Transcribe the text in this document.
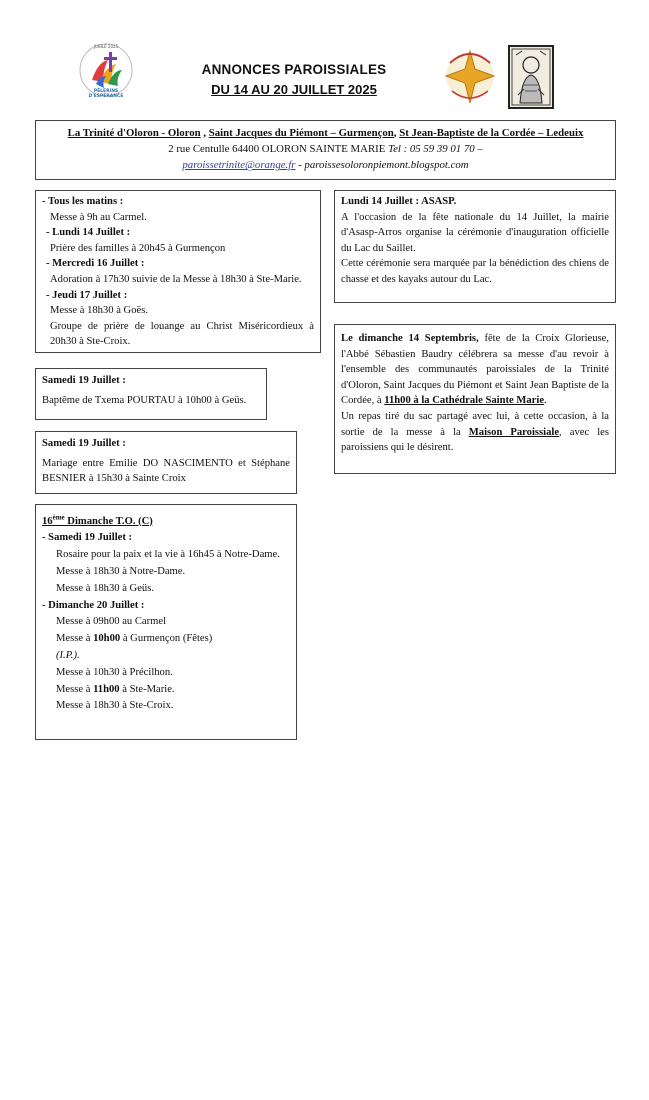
JUBILÉ 2025
PÈLERINS D'ESPÉRANCE
ANNONCES PAROISSIALES
DU 14 AU 20 JUILLET 2025
La Trinité d'Oloron - Oloron , Saint Jacques du Piémont – Gurmençon, St Jean-Baptiste de la Cordée – Ledeuix
2 rue Centulle 64400 OLORON SAINTE MARIE Tel : 05 59 39 01 70 –
paroissetrinite@orange.fr - paroissesoloronpiemont.blogspot.com
- Tous les matins :
Messe à 9h au Carmel.
- Lundi 14 Juillet :
Prière des familles à 20h45 à Gurmençon
- Mercredi 16 Juillet :
Adoration à 17h30 suivie de la Messe à 18h30 à Ste-Marie.
- Jeudi 17 Juillet :
Messe à 18h30 à Goës.
Groupe de prière de louange au Christ Miséricordieux à 20h30 à Ste-Croix.
Samedi 19 Juillet :
Baptême de Txema POURTAU à 10h00 à Geüs.
Samedi 19 Juillet :
Mariage entre Emilie DO NASCIMENTO et Stéphane BESNIER à 15h30 à Sainte Croix
16ème Dimanche T.O. (C)
- Samedi 19 Juillet :
Rosaire pour la paix et la vie à 16h45 à Notre-Dame.
Messe à 18h30 à Notre-Dame.
Messe à 18h30 à Geüs.
- Dimanche 20 Juillet :
Messe à 09h00 au Carmel
Messe à 10h00 à Gurmençon (Fêtes)
(I.P.).
Messe à 10h30 à Précilhon.
Messe à 11h00 à Ste-Marie.
Messe à 18h30 à Ste-Croix.
Lundi 14 Juillet : ASASP.
A l'occasion de la fête nationale du 14 Juillet, la mairie d'Asasp-Arros organise la cérémonie d'inauguration officielle du Lac du Saillet.
Cette cérémonie sera marquée par la bénédiction des chiens de chasse et des kayaks autour du Lac.
Le dimanche 14 Septembris, fête de la Croix Glorieuse, l'Abbé Sébastien Baudry célébrera sa messe d'au revoir à l'ensemble des communautés paroissiales de la Trinité d'Oloron, Saint Jacques du Piémont et Saint Jean Baptiste de la Cordée, à 11h00 à la Cathédrale Sainte Marie.
Un repas tiré du sac partagé avec lui, à cette occasion, à la sortie de la messe à la Maison Paroissiale, avec les paroissiens qui le désirent.
